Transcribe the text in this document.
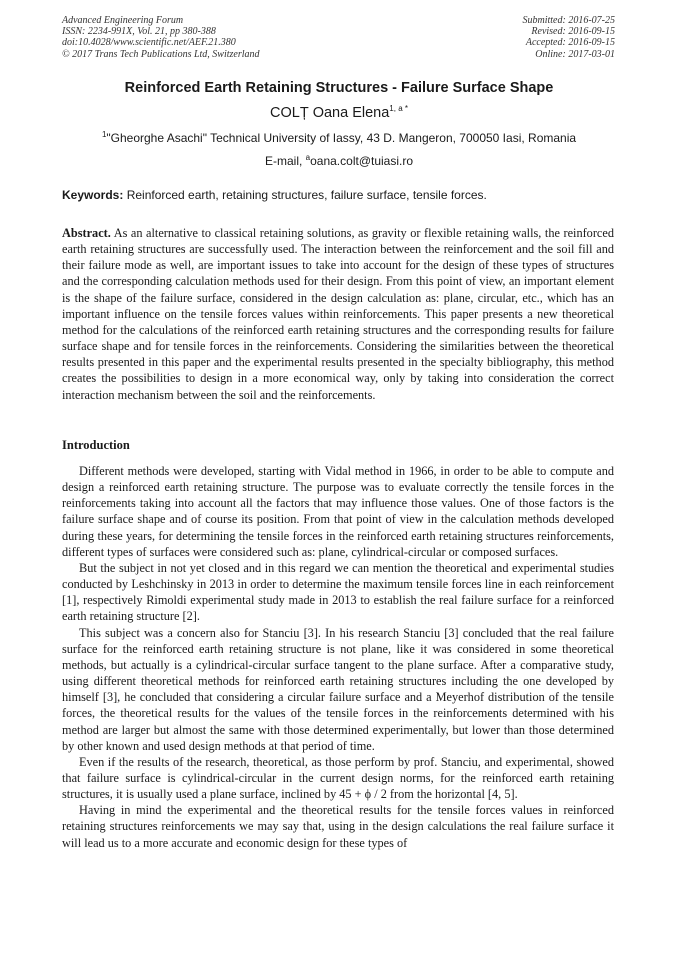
Advanced Engineering Forum
ISSN: 2234-991X, Vol. 21, pp 380-388
doi:10.4028/www.scientific.net/AEF.21.380
© 2017 Trans Tech Publications Ltd, Switzerland
Submitted: 2016-07-25
Revised: 2016-09-15
Accepted: 2016-09-15
Online: 2017-03-01
Reinforced Earth Retaining Structures - Failure Surface Shape
COLȚ Oana Elena$^{1, a *}$
$^1$"Gheorghe Asachi" Technical University of Iassy, 43 D. Mangeron, 700050 Iasi, Romania
E-mail, $^a$oana.colt@tuiasi.ro
Keywords: Reinforced earth, retaining structures, failure surface, tensile forces.
Abstract. As an alternative to classical retaining solutions, as gravity or flexible retaining walls, the reinforced earth retaining structures are successfully used. The interaction between the reinforcement and the soil fill and their failure mode as well, are important issues to take into account for the design of these types of structures and the corresponding calculation methods used for their design. From this point of view, an important element is the shape of the failure surface, considered in the design calculation as: plane, circular, etc., which has an important influence on the tensile forces values within reinforcements. This paper presents a new theoretical method for the calculations of the reinforced earth retaining structures and the corresponding results for failure surface shape and for tensile forces in the reinforcements. Considering the similarities between the theoretical results presented in this paper and the experimental results presented in the specialty bibliography, this method creates the possibilities to design in a more economical way, only by taking into consideration the correct interaction mechanism between the soil and the reinforcements.
Introduction

Different methods were developed, starting with Vidal method in 1966, in order to be able to compute and design a reinforced earth retaining structure. The purpose was to evaluate correctly the tensile forces in the reinforcements taking into account all the factors that may influence those values. One of those factors is the failure surface shape and of course its position. From that point of view in the calculation methods developed during these years, for determining the tensile forces in the reinforced earth retaining structures reinforcements, different types of surfaces were considered such as: plane, cylindrical-circular or composed surfaces.

But the subject in not yet closed and in this regard we can mention the theoretical and experimental studies conducted by Leshchinsky in 2013 in order to determine the maximum tensile forces line in each reinforcement [1], respectively Rimoldi experimental study made in 2013 to establish the real failure surface for a reinforced earth retaining structure [2].

This subject was a concern also for Stanciu [3]. In his research Stanciu [3] concluded that the real failure surface for the reinforced earth retaining structure is not plane, like it was considered in some theoretical methods, but actually is a cylindrical-circular surface tangent to the plane surface. After a comparative study, using different theoretical methods for reinforced earth retaining structures including the one developed by himself [3], he concluded that considering a circular failure surface and a Meyerhof distribution of the tensile forces, the theoretical results for the values of the tensile forces in the reinforcements determined with his method are larger but almost the same with those determined experimentally, but lower than those determined by other known and used design methods at that period of time.

Even if the results of the research, theoretical, as those perform by prof. Stanciu, and experimental, showed that failure surface is cylindrical-circular in the current design norms, for the reinforced earth retaining structures, it is usually used a plane surface, inclined by 45 + ϕ / 2 from the horizontal [4, 5].

Having in mind the experimental and the theoretical results for the tensile forces values in reinforced retaining structures reinforcements we may say that, using in the design calculations the real failure surface it will lead us to a more accurate and economic design for these types of
